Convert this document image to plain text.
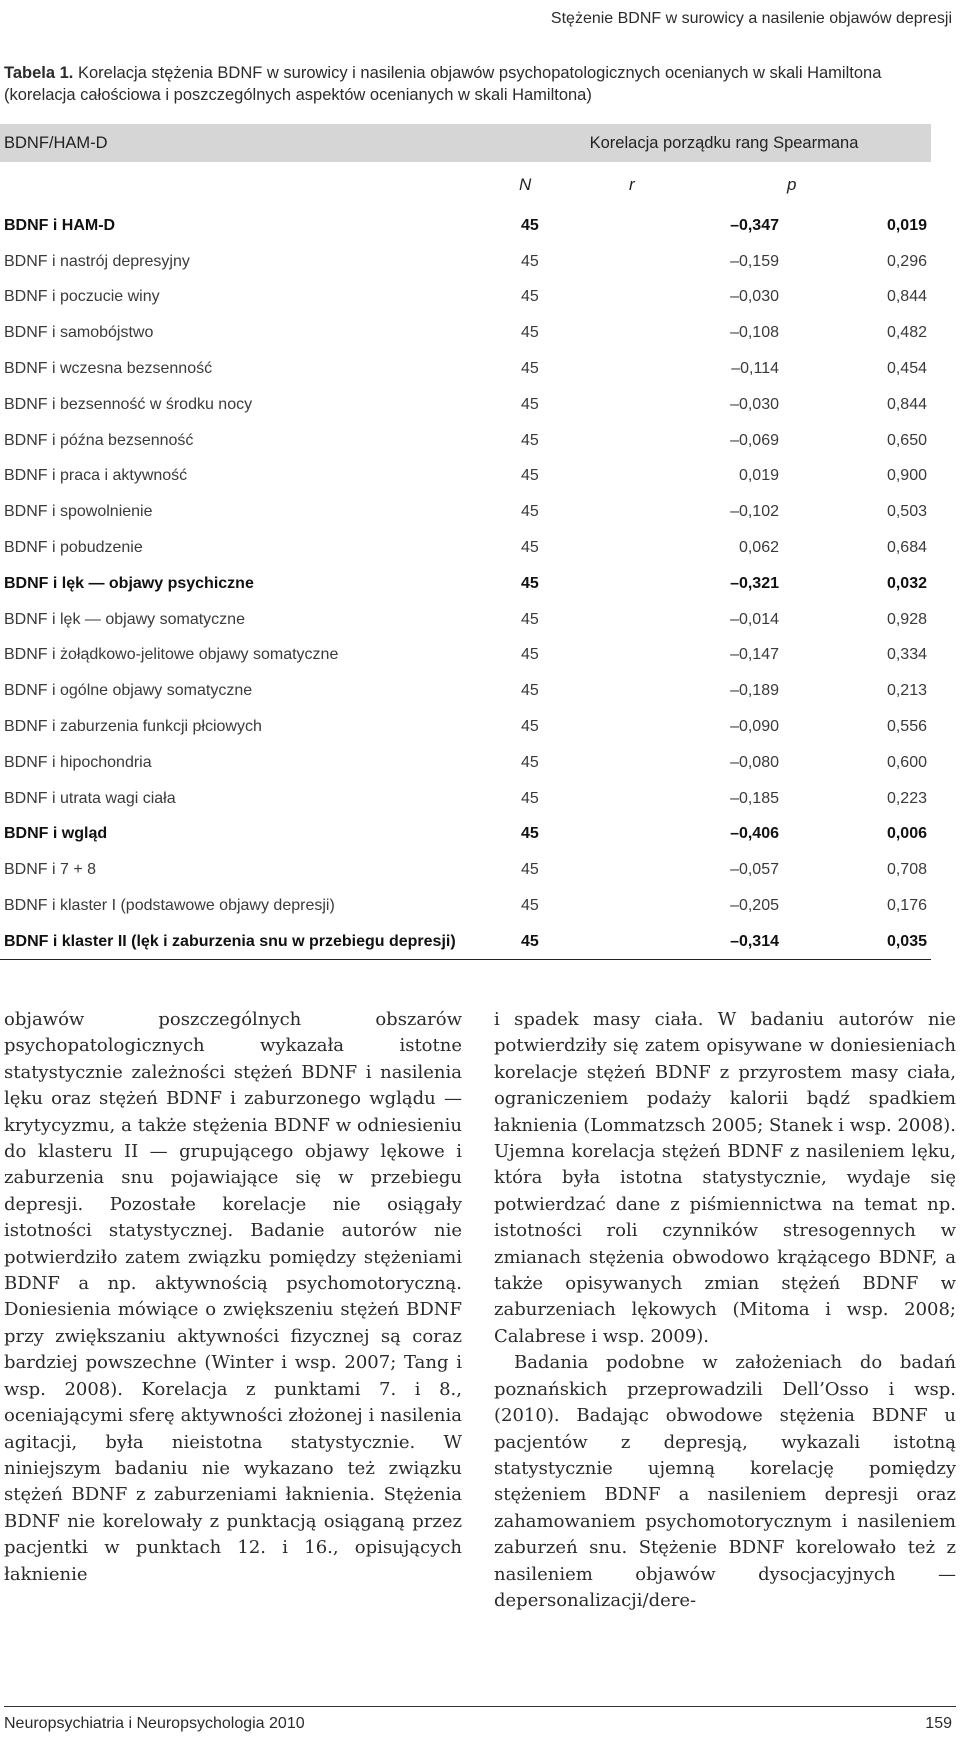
Stężenie BDNF w surowicy a nasilenie objawów depresji
Tabela 1. Korelacja stężenia BDNF w surowicy i nasilenia objawów psychopatologicznych ocenianych w skali Hamiltona (korelacja całościowa i poszczególnych aspektów ocenianych w skali Hamiltona)
BDNF/HAM-D	Korelacja porządku rang Spearmana		
	N	r	p
BDNF i HAM-D	45	–0,347	0,019
BDNF i nastrój depresyjny	45	–0,159	0,296
BDNF i poczucie winy	45	–0,030	0,844
BDNF i samobójstwo	45	–0,108	0,482
BDNF i wczesna bezsenność	45	–0,114	0,454
BDNF i bezsenność w środku nocy	45	–0,030	0,844
BDNF i późna bezsenność	45	–0,069	0,650
BDNF i praca i aktywność	45	0,019	0,900
BDNF i spowolnienie	45	–0,102	0,503
BDNF i pobudzenie	45	0,062	0,684
BDNF i lęk — objawy psychiczne	45	–0,321	0,032
BDNF i lęk — objawy somatyczne	45	–0,014	0,928
BDNF i żołądkowo-jelitowe objawy somatyczne	45	–0,147	0,334
BDNF i ogólne objawy somatyczne	45	–0,189	0,213
BDNF i zaburzenia funkcji płciowych	45	–0,090	0,556
BDNF i hipochondria	45	–0,080	0,600
BDNF i utrata wagi ciała	45	–0,185	0,223
BDNF i wgląd	45	–0,406	0,006
BDNF i 7 + 8	45	–0,057	0,708
BDNF i klaster I (podstawowe objawy depresji)	45	–0,205	0,176
BDNF i klaster II (lęk i zaburzenia snu w przebiegu depresji)	45	–0,314	0,035

objawów poszczególnych obszarów psychopatologicznych wykazała istotne statystycznie zależności stężeń BDNF i nasilenia lęku oraz stężeń BDNF i zaburzonego wglądu — krytycyzmu, a także stężenia BDNF w odniesieniu do klasteru II — grupującego objawy lękowe i zaburzenia snu pojawiające się w przebiegu depresji. Pozostałe korelacje nie osiągały istotności statystycznej. Badanie autorów nie potwierdziło zatem związku pomiędzy stężeniami BDNF a np. aktywnością psychomotoryczną. Doniesienia mówiące o zwiększeniu stężeń BDNF przy zwiększaniu aktywności fizycznej są coraz bardziej powszechne (Winter i wsp. 2007; Tang i wsp. 2008). Korelacja z punktami 7. i 8., oceniającymi sferę aktywności złożonej i nasilenia agitacji, była nieistotna statystycznie. W niniejszym badaniu nie wykazano też związku stężeń BDNF z zaburzeniami łaknienia. Stężenia BDNF nie korelowały z punktacją osiąganą przez pacjentki w punktach 12. i 16., opisujących łaknienie

i spadek masy ciała. W badaniu autorów nie potwierdziły się zatem opisywane w doniesieniach korelacje stężeń BDNF z przyrostem masy ciała, ograniczeniem podaży kalorii bądź spadkiem łaknienia (Lommatzsch 2005; Stanek i wsp. 2008). Ujemna korelacja stężeń BDNF z nasileniem lęku, która była istotna statystycznie, wydaje się potwierdzać dane z piśmiennictwa na temat np. istotności roli czynników stresogennych w zmianach stężenia obwodowo krążącego BDNF, a także opisywanych zmian stężeń BDNF w zaburzeniach lękowych (Mitoma i wsp. 2008; Calabrese i wsp. 2009).

Badania podobne w założeniach do badań poznańskich przeprowadzili Dell’Osso i wsp. (2010). Badając obwodowe stężenia BDNF u pacjentów z depresją, wykazali istotną statystycznie ujemną korelację pomiędzy stężeniem BDNF a nasileniem depresji oraz zahamowaniem psychomotorycznym i nasileniem zaburzeń snu. Stężenie BDNF korelowało też z nasileniem objawów dysocjacyjnych — depersonalizacji/dere-

Neuropsychiatria i Neuropsychologia 2010	159
